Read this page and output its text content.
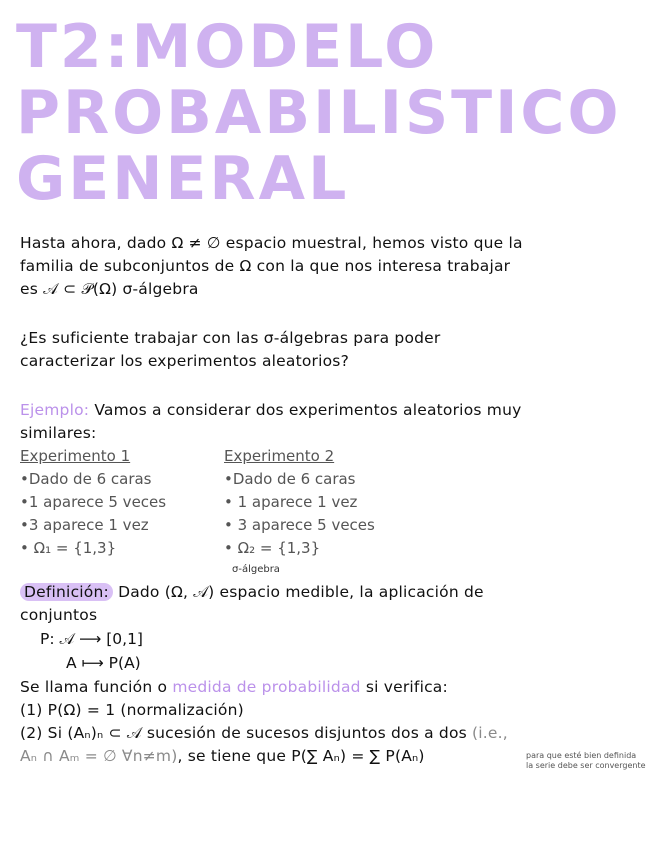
T2:MODELO
PROBABILISTICO
GENERAL
Hasta ahora, dado Ω ≠ ∅ espacio muestral, hemos visto que la
familia de subconjuntos de Ω con la que nos interesa trabajar
es 𝒜 ⊂ 𝒫(Ω) σ-álgebra
¿Es suficiente trabajar con las σ-álgebras para poder
caracterizar los experimentos aleatorios?
Ejemplo: Vamos a considerar dos experimentos aleatorios muy
similares:
Experimento 1
•Dado de 6 caras
•1 aparece 5 veces
•3 aparece 1 vez
• Ω₁ = {1,3}
Experimento 2
•Dado de 6 caras
• 1 aparece 1 vez
• 3 aparece 5 veces
• Ω₂ = {1,3}
σ-álgebra
Definición: Dado (Ω, 𝒜) espacio medible, la aplicación de
conjuntos
P: 𝒜 ⟶ [0,1]
A ⟼ P(A)
Se llama función o medida de probabilidad si verifica:
(1) P(Ω) = 1 (normalización)
(2) Si (Aₙ)ₙ ⊂ 𝒜 sucesión de sucesos disjuntos dos a dos (i.e.,
Aₙ ∩ Aₘ = ∅ ∀n≠m), se tiene que P(∑ Aₙ) = ∑ P(Aₙ)	para que esté bien definida
la serie debe ser convergente
